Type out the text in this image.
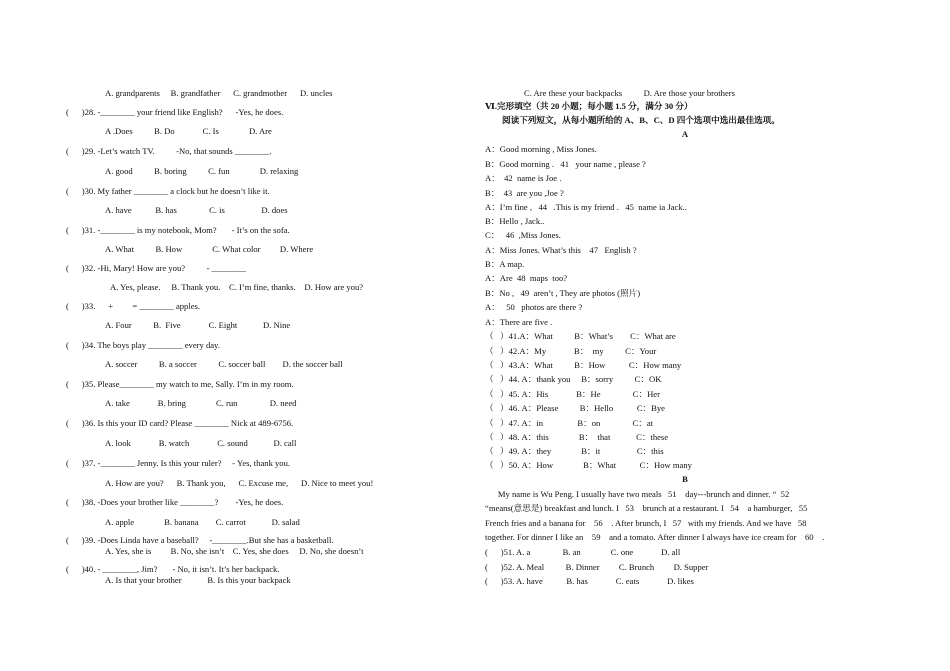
A. grandparents     B. grandfather      C. grandmother      D. uncles
(      )28. -________ your friend like English?      -Yes, he does.
A .Does          B. Do             C. Is              D. Are
(      )29. -Let’s watch TV.          -No, that sounds ________.
A. good          B. boring          C. fun              D. relaxing
(      )30. My father ________ a clock but he doesn’t like it.
A. have           B. has               C. is                 D. does
(      )31. -________ is my notebook, Mom?       - It’s on the sofa.
A. What          B. How              C. What color         D. Where
(      )32. -Hi, Mary! How are you?          - ________
A. Yes, please.     B. Thank you.    C. I’m fine, thanks.    D. How are you?
(      )33.      +         = ________ apples.
A. Four          B.  Five             C. Eight            D. Nine
(      )34. The boys play ________ every day.
A. soccer          B. a soccer          C. soccer ball        D. the soccer ball
(      )35. Please________ my watch to me, Sally. I’m in my room.
A. take             B. bring              C. run               D. need
(      )36. Is this your ID card? Please ________ Nick at 489-6756.
A. look             B. watch             C. sound            D. call
(      )37. -________ Jenny. Is this your ruler?     - Yes, thank you.
A. How are you?      B. Thank you,      C. Excuse me,      D. Nice to meet you!
(      )38. -Does your brother like ________?        -Yes, he does.
A. apple              B. banana        C. carrot            D. salad
(      )39. -Does Linda have a baseball?     -________.But she has a basketball.
A. Yes, she is         B. No, she isn’t    C. Yes, she does     D. No, she doesn’t
(      )40. - ________, Jim?       - No, it isn’t. It’s her backpack.
A. Is that your brother            B. Is this your backpack
C. Are these your backpacks          D. Are those your brothers
Ⅵ.完形填空（共 20 小题；每小题 1.5 分，满分 30 分）
阅读下列短文，从每小题所给的 A、B、C、D 四个选项中选出最佳选项。
A
A：Good morning , Miss Jones.
B：Good morning .   41   your name , please ?
A：  42  name is Joe .
B：  43  are you ,Joe ?
A：I’m fine ,   44   .This is my friend .   45  name ia Jack..
B：Hello , Jack..
C：   46  ,Miss Jones.
A：Miss Jones. What’s this    47   English ?
B：A map.
A：Are  48  maps  too?
B：No ,   49  aren’t , They are photos (照片)
A：   50   photos are there ?
A：There are five .
（   ）41.A：What          B：What’s        C：What are
（   ）42.A：My             B：  my          C：Your
（   ）43.A：What          B：How           C：How many
（   ）44. A：thank you     B：sorry          C：OK
（   ）45. A：His             B：He               C：Her
（   ）46. A：Please          B：Hello           C：Bye
（   ）47. A：in                B：on               C：at
（   ）48. A：this              B：  that            C：these
（   ）49. A：they              B：it                 C：this
（   ）50. A：How              B：What           C：How many
B
My name is Wu Peng. I usually have two meals   51    day---brunch and dinner. “  52
“means(意思是) breakfast and lunch. I   53    brunch at a restaurant. I   54    a hamburger,   55
French fries and a banana for    56    . After brunch, I   57   with my friends. And we have   58
together. For dinner I like an    59    and a tomato. After dinner I always have ice cream for    60    .
(      )51. A. a               B. an              C. one             D. all
(      )52. A. Meal          B. Dinner         C. Brunch         D. Supper
(      )53. A. have           B. has             C. eats             D. likes
